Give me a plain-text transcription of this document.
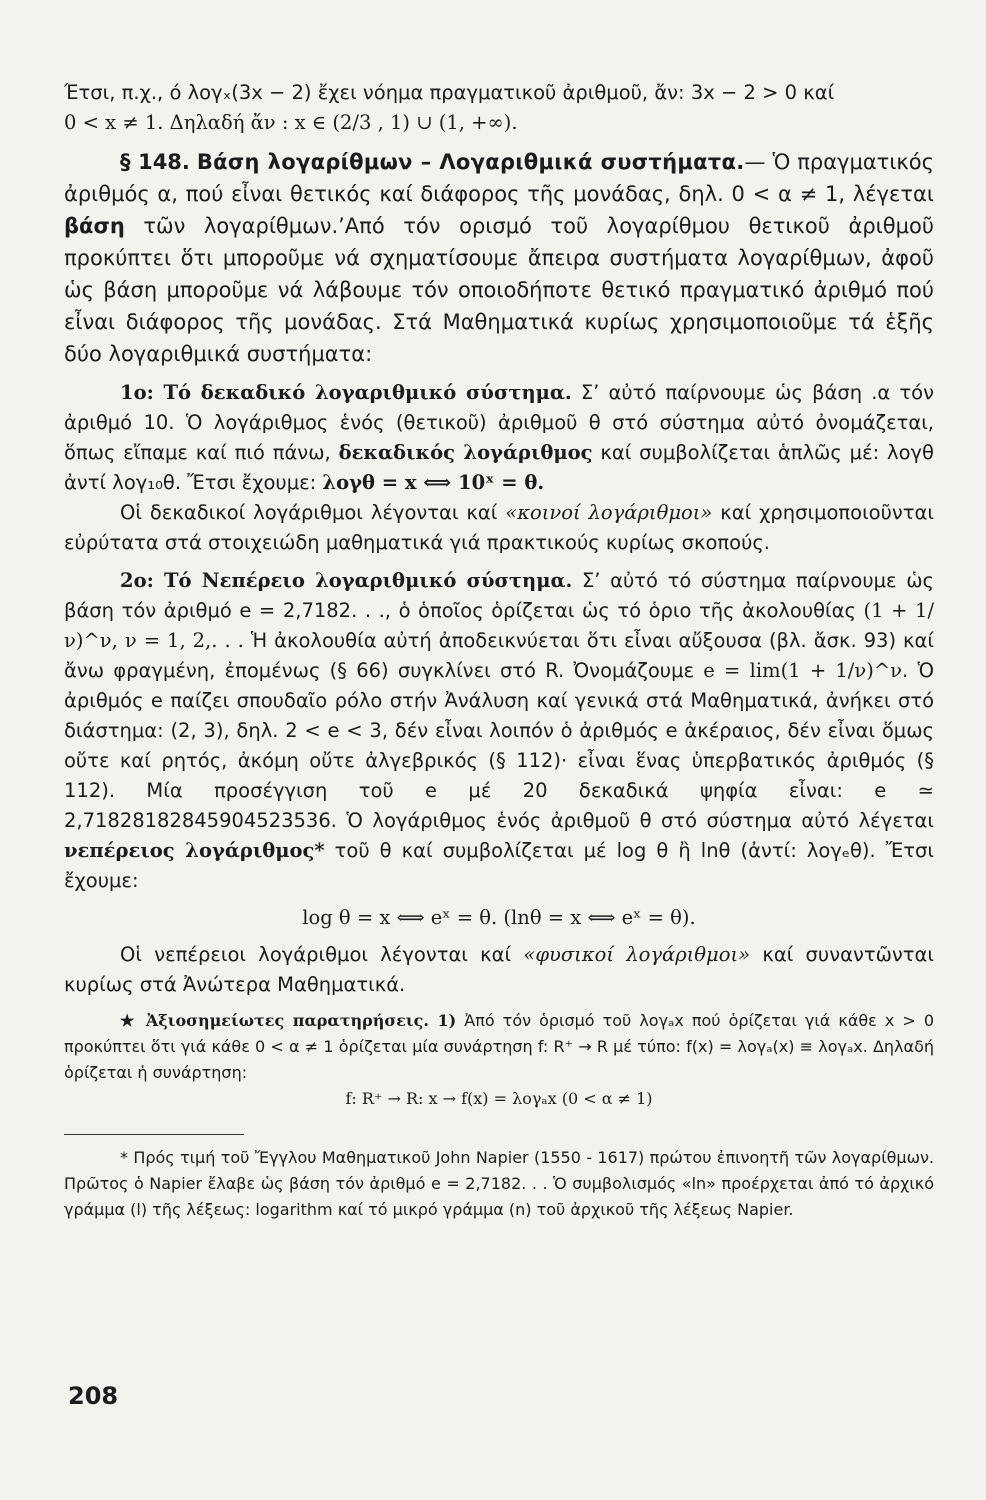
Έτσι, π.χ., ό λογₓ(3x − 2) ἔχει νόημα πραγματικοῦ ἀριθμοῦ, ἄν: 3x − 2 > 0 καί

0 < x ≠ 1. Δηλαδή ἄν : x ∈ (2/3 , 1) ∪ (1, +∞).

§ 148. Βάση λογαρίθμων – Λογαριθμικά συστήματα.— Ὁ πραγματικός ἀριθμός α, πού εἶναι θετικός καί διάφορος τῆς μονάδας, δηλ. 0 < α ≠ 1, λέγεται βάση τῶν λογαρίθμων.’Από τόν ορισμό τοῦ λογαρίθμου θετικοῦ ἀριθμοῦ προκύπτει ὅτι μποροῦμε νά σχηματίσουμε ἄπειρα συστήματα λογαρίθμων, ἀφοῦ ὡς βάση μποροῦμε νά λάβουμε τόν οποιοδήποτε θετικό πραγματικό ἀριθμό πού εἶναι διάφορος τῆς μονάδας. Στά Μαθηματικά κυρίως χρησιμοποιοῦμε τά ἑξῆς δύο λογαριθμικά συστήματα:

1o: Τό δεκαδικό λογαριθμικό σύστημα. Σ’ αὐτό παίρνουμε ὡς βάση .α τόν ἀριθμό 10. Ὁ λογάριθμος ἑνός (θετικοῦ) ἀριθμοῦ θ στό σύστημα αὐτό ὀνομάζεται, ὅπως εἴπαμε καί πιό πάνω, δεκαδικός λογάριθμος καί συμβολίζεται ἁπλῶς μέ: λογθ ἀντί λογ₁₀θ. Ἔτσι ἔχουμε: λογθ = x ⟺ 10ˣ = θ.

Οἱ δεκαδικοί λογάριθμοι λέγονται καί «κοινοί λογάριθμοι» καί χρησιμοποιοῦνται εὐρύτατα στά στοιχειώδη μαθηματικά γιά πρακτικούς κυρίως σκοπούς.

2o: Τό Νεπέρειο λογαριθμικό σύστημα. Σ’ αὐτό τό σύστημα παίρνουμε ὡς βάση τόν ἀριθμό e = 2,7182. . ., ὁ ὁποῖος ὁρίζεται ὡς τό ὁριο τῆς ἀκολουθίας (1 + 1/ν)^ν, ν = 1, 2,. . . Ἡ ἀκολουθία αὐτή ἀποδεικνύεται ὅτι εἶναι αὔξουσα (βλ. ἄσκ. 93) καί ἄνω φραγμένη, ἐπομένως (§ 66) συγκλίνει στό R. Ὀνομάζουμε e = lim(1 + 1/ν)^ν. Ὁ ἀριθμός e παίζει σπουδαῖο ρόλο στήν Ἀνάλυση καί γενικά στά Μαθηματικά, ἀνήκει στό διάστημα: (2, 3), δηλ. 2 < e < 3, δέν εἶναι λοιπόν ὁ ἀριθμός e ἀκέραιος, δέν εἶναι ὅμως οὔτε καί ρητός, ἀκόμη οὔτε ἀλγεβρικός (§ 112)· εἶναι ἕνας ὑπερβατικός ἀριθμός (§ 112). Μία προσέγγιση τοῦ e μέ 20 δεκαδικά ψηφία εἶναι: e ≃ 2,71828182845904523536. Ὁ λογάριθμος ἑνός ἀριθμοῦ θ στό σύστημα αὐτό λέγεται νεπέρειος λογάριθμος* τοῦ θ καί συμβολίζεται μέ log θ ἢ lnθ (ἀντί: λογₑθ). Ἔτσι ἔχουμε:

log θ = x ⟺ eˣ = θ. (lnθ = x ⟺ eˣ = θ).

Οἱ νεπέρειοι λογάριθμοι λέγονται καί «φυσικοί λογάριθμοι» καί συναντῶνται κυρίως στά Ἀνώτερα Μαθηματικά.

★ Ἀξιοσημείωτες παρατηρήσεις. 1) Ἀπό τόν ὁρισμό τοῦ λογₐx πού ὁρίζεται γιά κάθε x > 0 προκύπτει ὅτι γιά κάθε 0 < α ≠ 1 ὁρίζεται μία συνάρτηση f: R⁺ → R μέ τύπο: f(x) = λογₐ(x) ≡ λογₐx. Δηλαδή ὁρίζεται ἡ συνάρτηση:

f: R⁺ → R: x → f(x) = λογₐx (0 < α ≠ 1)

* Πρός τιμή τοῦ Ἔγγλου Μαθηματικοῦ John Napier (1550 - 1617) πρώτου ἐπινοητῆ τῶν λογαρίθμων. Πρῶτος ὁ Napier ἔλαβε ὡς βάση τόν ἀριθμό e = 2,7182. . . Ὁ συμβολισμός «ln» προέρχεται ἀπό τό ἀρχικό γράμμα (l) τῆς λέξεως: logarithm καί τό μικρό γράμμα (n) τοῦ ἀρχικοῦ τῆς λέξεως Napier.

208
